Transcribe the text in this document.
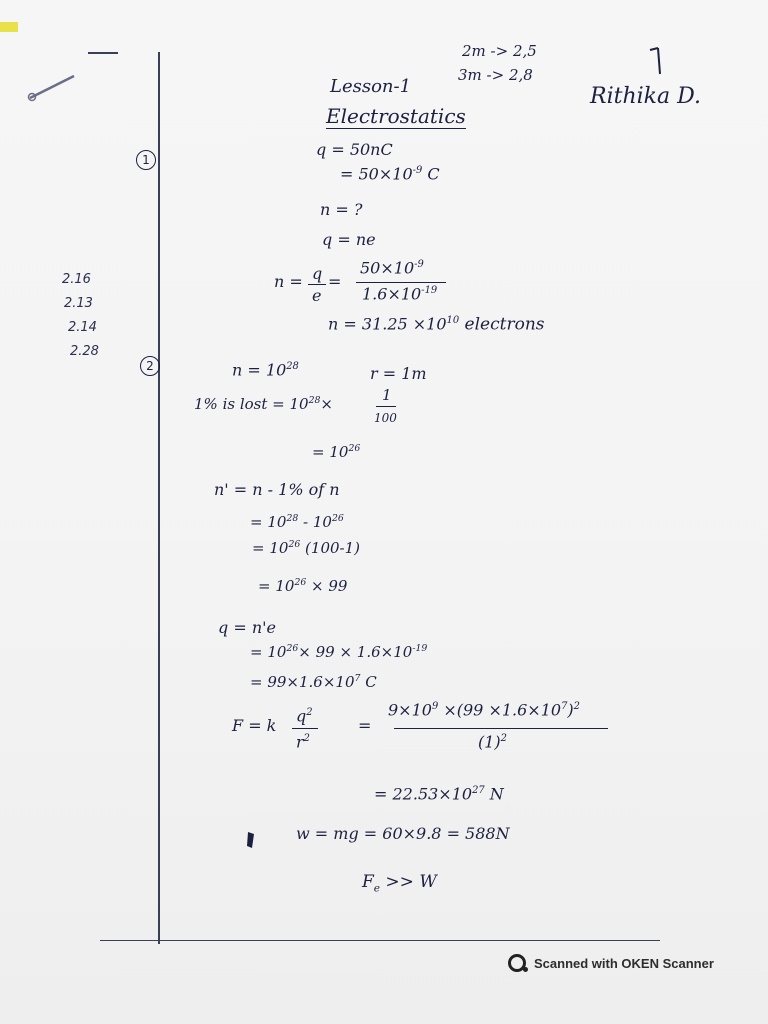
2m -> 2,5
3m -> 2,8
Lesson-1
Electrostatics
Rithika D.
2.16
2.13
2.14
2.28
1
2
q = 50nC
= $50\times 10^{-9}$ C
n = ?
q = ne
n = q
e
=
$50\times 10^{-9}$
$1.6\times 10^{-19}$
$n = 31.25 \times 10^{10}$ electrons
$n = 10^{28}$	r = 1m
1% is lost = $10^{28}\times$	1
100
= $10^{26}$
n' = n - 1% of n
= $10^{28} - 10^{26}$
= $10^{26}$ (100-1)
= $10^{26} \times 99$
q = n'e
= $10^{26}\times 99 \times 1.6\times 10^{-19}$
= $99\times 1.6\times 10^7$ C
F = k
$q^2$
$r^2$
=
$9\times 10^9 \times(99 \times 1.6\times 10^7)^2$
$(1)^2$
= $22.53\times 10^{27}$ N
w = mg = 60×9.8 = 588N
$F_e >> W$
Scanned with OKEN Scanner
